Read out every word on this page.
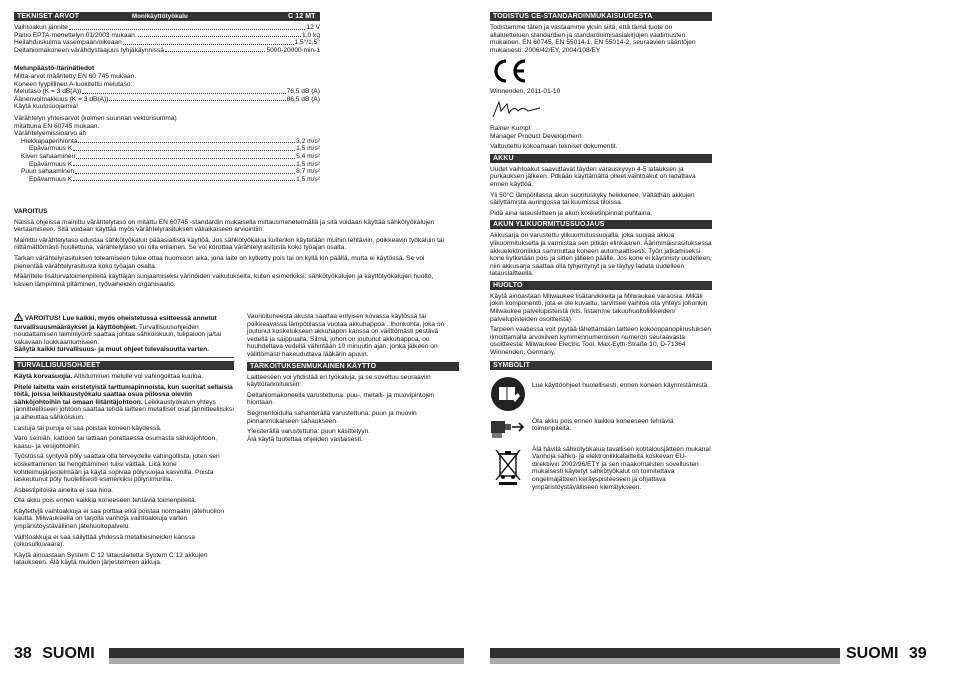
TEKNISET ARVOT	Monikäyttötyökalu	C 12 MT
Vaihtoakun jännite	12 V
Paino EPTA-menettelyn 01/2003 mukaan.	1,0 kg
Heilahduskulma vasempaan/oikeaan	1,5°/1,5°
Deltahiomakoneen värähdystaajuus tyhjäkäynnissä	5000-20000 min-1
Melunpäästö-/tärinätiedot
Mitta-arvot määritetty EN 60 745 mukaan.
Koneen tyypillinen A-luokitettu melutaso:
Melutaso (K = 3 dB(A))	76,5 dB (A)
Äänenvoimakkuus (K = 3 dB(A))	86,5 dB (A)
Käytä kuulosuojaimia!
Värähtelyn yhteisarvot (kolmen suunnan vektorisumma)
mitattuna EN 60745 mukaan.
Värähtelyemissioarvo ah
Hiekkapaperihionta	3,2 m/s²
Epävarmuus K	1,5 m/s²
Kiven sahaaminen	5,4 m/s²
Epävarmuus K	1,5 m/s²
Puun sahaaminen	8,7 m/s²
Epävarmuus K	1,5 m/s²
VAROITUS

Näissä ohjeissa mainittu värähtelytaso on mitattu EN 60745 -standardin mukaisella mittausmenetelmällä ja sitä voidaan käyttää sähkötyökalujen vertaamiseen. Sitä voidaan käyttää myös värähtelyrasituksen väliaikaiseen arviointiin.

Mainittu värähtelytaso edustaa sähkötyökalun pääasiallista käyttöä. Jos sähkötyökalua kuitenkin käytetään muihin tehtäviin, poikkeavin työkaluin tai riittämättömästi huollettuna, värähtelytaso voi olla erilainen. Se voi korottaa värähtelyrasitusta koko työajan osalta.

Tarkan värähtelyrasituksen toteamiseen tulee ottaa huomioon aika, jona laite on kytketty pois tai on kyllä kin päällä, mutta ei käytössä. Se voi pienentää värähtelyrasitusta koko työajan osalta.

Määrittele lisäturvatoimenpiteitä käyttäjän suojaamiseksi värinöiden vaikutukselta, kuten esimerkiksi: sähkötyökalujen ja käyttötyökalujen huolto, käsien lämpiminä pitäminen, työvaiheiden organisaatio.

VAROITUS! Lue kaikki, myös oheistetussa esitteessä annetut turvallisuusmääräykset ja käyttöohjeet. Turvallisuusohjeiden noudattamisen laiminlyönti saattaa johtaa sähköiskuun, tulipaloon ja/tai vakavaan loukkaantumiseen.
Säilytä kaikki turvallisuus- ja muut ohjeet tulevaisuutta varten.
TURVALLISUUSOHJEET

Käytä korvasuojia. Altistuminen melulle voi vahingoittaa kuuloa.

Pitele laitetta vain eristetyistä tarttumapinnoista, kun suoritat sellaisia töitä, joissa leikkaustyökalu saattaa osua piilossa oleviin sähköjohtoihin tai omaan liitäntäjohtoon. Leikkaustyökalun yhteys jännitteelliseen johtoon saattaa tehdä laitteen metalliset osat jännitteellisiksi ja aiheuttaa sähköiskun.

Lastuja tai puruja ei saa poistaa koneen käydessä.

Varo seiniän, kattoon tai lattiaan porattaessa osumasta sähköjohtoon, kaasu- ja vesijohtoihin.

Työstössä syntyvä pöly saattaa olla terveydelle vahingollista, joten sen koskettaminen tai hengittäminen tulisi välttää. Liitä kone kohdeimujärjestelmään ja käytä sopivaa pölysuojaa kasvoilla. Poista laskeutunut pöly huolellisesti esimerkiksi pölynimurilla.

Asbestipitoisia aineita ei saa hioa.

Ota akku pois ennen kaikkia koneeseen tehtäviä toimenpiteitä.

Käytettyjä vaihtoakkuja ei saa polttaa eikä poistaa normaalin jätehuollon kautta. Milwaukeella on tarjolla vanhoja vaihtoakkuja varten ympäristöystävällinen jätehuoltopalvelu.

Vaihtoakkuja ei saa säilyttää yhdessä metalliesineiden kanssa (oikosulkuvaara).

Käytä ainoastaan System C 12 latauslaitetta System C 12 akkujen lataukseen. Älä käytä muiden järjestelmien akkuja.

Vaurioituneesta akusta saattaa erityisen kovassa käytössä tai poikkeavassa lämpötilassa vuotaa akkuhappoa . Ihonkohta, joka on joutunut kosketukseen akkuhapon kanssa on välittömästi pestävä vedellä ja saippualla. Silmä, johon on joutunut akkuhappoa, on huuhdeltava vedellä vähintään 10 minuutin ajan, jonka jälkeen on välittömästi hakeuduttava lääkärin apuun.

TARKOITUKSENMUKAINEN KÄYTTÖ

Laitteeseen voi yhdistää eri työkaluja, ja se soveltuu seuraaviin käyttötarkoituksiin:

Deltahiomakoneella varustettuna: puu-, metalli- ja muovipintojen hiontaan.

Segmentoidulla sahanterällä varustettuna: puun ja muovin pinnanmukaiseen sahaukseen.

Yleisterällä varustettuna: puun käsittelyyn.

Älä käytä tuotettaa ohjeiden vastaisesti.

38 SUOMI
TODISTUS CE-STANDARDINMUKAISUUDESTA

Todistamme täten ja vastaamme yksin siitä, että tämä tuote on allaluetteluen standardien ja standardoimisasiakirjojen vaatimusten mukainen. EN 60745, EN 55014-1, EN 55014-2, seuraavien sääntöjen mukaisesti: 2006/42/EY, 2004/108/EY

Winnenden, 2011-01-10

Rainer Kumpf
Manager Product Development

Valtuutettu kokoamaan tekniset dokumentit.

AKKU

Uudet vaihtoakut saavuttavat täyden varauskyvyn 4-5 latauksen ja purkauksen jälkeen. Pitkään käyttämättä olleet vaihtoakut on ladattava ennen käyttöä.

Yli 50°C lämpötilassa akun suorituskyky heikkenee. Vältäthän akkujen säilyttämistä auringossa tai kuumissa tiloissa.

Pidä aina latausliitteen ja akun kosketinpinnat puhtaina.

AKUN YLIKUORMITUSSUOJAUS

Akkusarja on varustettu ylikuormitussuojalla, joka suojaa akkua ylikuormitukselta ja varmistaa sen pitkän elinkaaren. Äärimmäisrasituksessa akkuelektroniikka sammuttaa koneen automaattisesti. Työn jatkamiseksi kone kytketään pois ja sitten jälleen päälle. Jos kone ei käynnisty uudelleen, niin akkusarja saattaa olla tyhjentynyt ja se täytyy ladata uudelleen latauslaitteella.

HUOLTO

Käytä ainoastaan Milwaukee lisätarvikkeita ja Milwaukee varaosia. Mikäli jokin komponentti, jota ei ole kuvailtu, tarvitsee vaihtoa ota yhteys johonkin Milwaukee palvelupisteistä (kts. listamme takuuhuoltoliikkeiden/ palvelupisteiden osoitteista)

Tarpeen vaatiessa voit pyytää lähettämään laitteen kokoonpanopiirustuksen ilmoittamalla arvokilven kymmennumeroisen numeron seuraavasta osoitteesta: Milwaukee Electric Tool, Max-Eyth-Straße 10, D-71364 Winnenden, Germany.

SYMBOLIT
Lue käyttöohjeet huolellisesti, ennen koneen käynnistämistä.
Ota akku pois ennen kaikkia koneeseen tehtäviä toimenpiteitä.
Älä hävitä sähkötyökalua tavallisen kotitalousjätteen mukana! Vanhoja sähkö- ja elektroniikkalaitteita koskevan EU-direktiivin 2002/96/ETY ja sen maakohtaisten sovellusten mukaisesti käytetyt sähkötyökalut on toimitettava ongelmajätteen keräyspisteeseen ja ohjattava ympäristöystävälliseen kierrätykseen.
SUOMI 39
